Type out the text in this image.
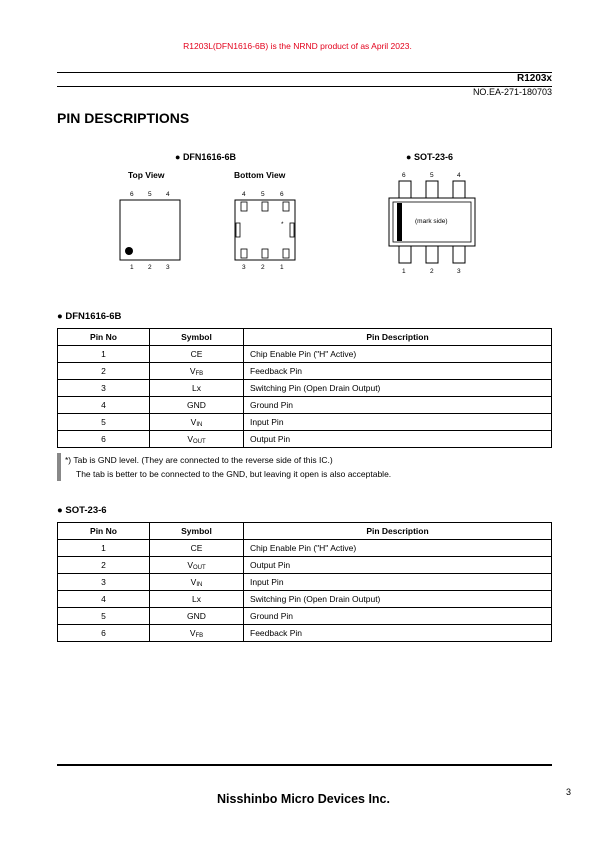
R1203L(DFN1616-6B) is the NRND product of as April 2023.
R1203x
NO.EA-271-180703
PIN DESCRIPTIONS
● DFN1616-6B
Top View	Bottom View
6 5 4
1 2 3
4 5 6
*
3 2 1
● SOT-23-6
6	5	4
(mark side)
1	2	3
● DFN1616-6B
Pin No	Symbol	Pin Description
1	CE	Chip Enable Pin ("H" Active)
2	$V_{FB}$	Feedback Pin
3	Lx	Switching Pin (Open Drain Output)
4	GND	Ground Pin
5	$V_{IN}$	Input Pin
6	$V_{OUT}$	Output Pin
*) Tab is GND level. (They are connected to the reverse side of this IC.)
The tab is better to be connected to the GND, but leaving it open is also acceptable.
● SOT-23-6
Pin No	Symbol	Pin Description
1	CE	Chip Enable Pin ("H" Active)
2	$V_{OUT}$	Output Pin
3	$V_{IN}$	Input Pin
4	Lx	Switching Pin (Open Drain Output)
5	GND	Ground Pin
6	$V_{FB}$	Feedback Pin
Nisshinbo Micro Devices Inc.	3
